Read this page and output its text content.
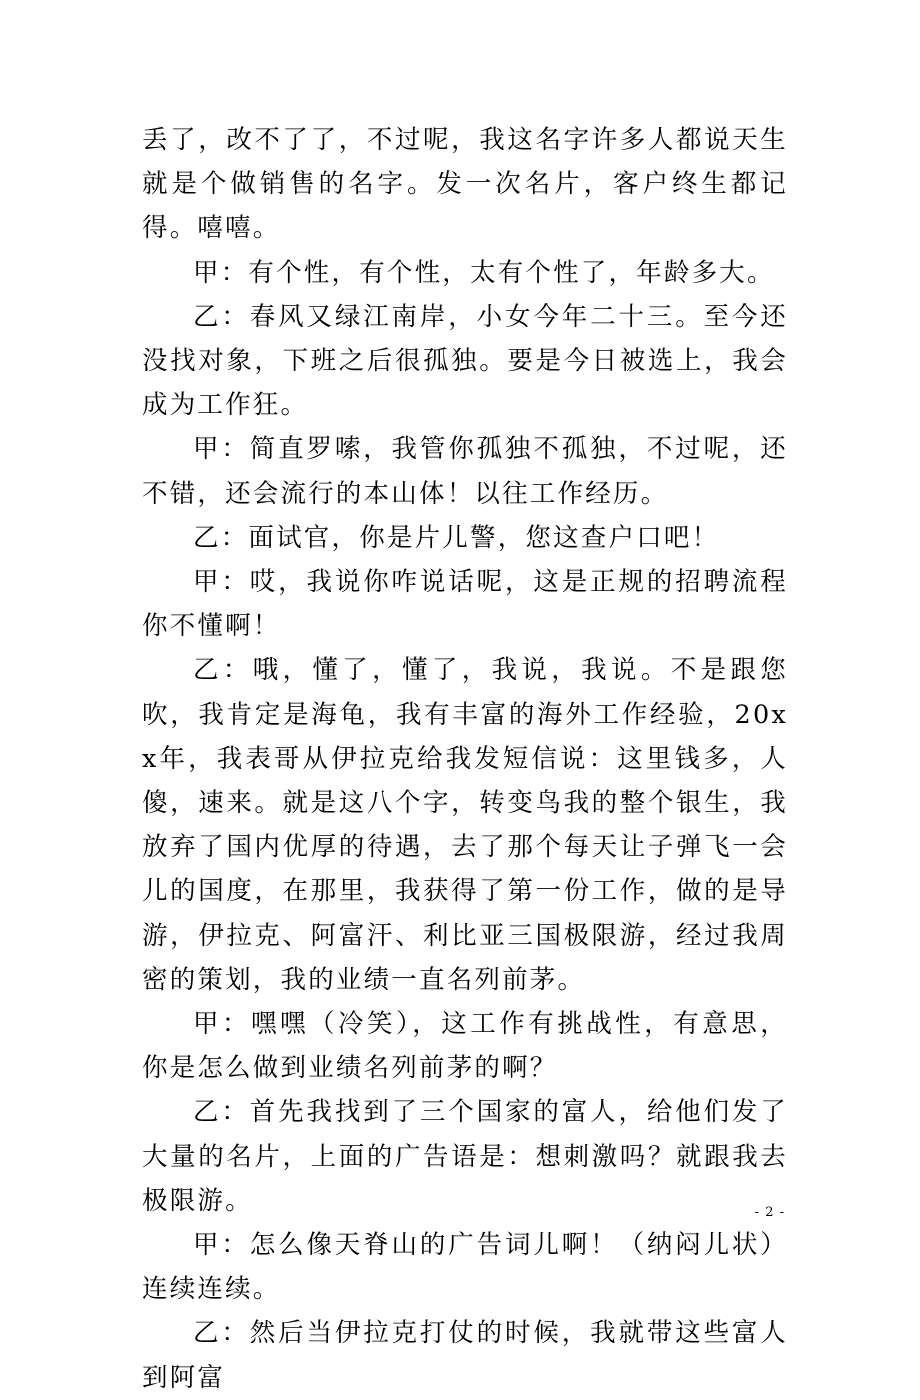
丢了，改不了了，不过呢，我这名字许多人都说天生就是个做销售的名字。发一次名片，客户终生都记得。嘻嘻。

甲：有个性，有个性，太有个性了，年龄多大。

乙：春风又绿江南岸，小女今年二十三。至今还没找对象，下班之后很孤独。要是今日被选上，我会成为工作狂。

甲：简直罗嗦，我管你孤独不孤独，不过呢，还不错，还会流行的本山体！以往工作经历。

乙：面试官，你是片儿警，您这查户口吧！

甲：哎，我说你咋说话呢，这是正规的招聘流程你不懂啊！

乙：哦，懂了，懂了，我说，我说。不是跟您吹，我肯定是海龟，我有丰富的海外工作经验，20xx年，我表哥从伊拉克给我发短信说：这里钱多，人傻，速来。就是这八个字，转变鸟我的整个银生，我放弃了国内优厚的待遇，去了那个每天让子弹飞一会儿的国度，在那里，我获得了第一份工作，做的是导游，伊拉克、阿富汗、利比亚三国极限游，经过我周密的策划，我的业绩一直名列前茅。

甲：嘿嘿（冷笑），这工作有挑战性，有意思，你是怎么做到业绩名列前茅的啊？

乙：首先我找到了三个国家的富人，给他们发了大量的名片，上面的广告语是：想刺激吗？就跟我去极限游。

甲：怎么像天脊山的广告词儿啊！（纳闷儿状）连续连续。

乙：然后当伊拉克打仗的时候，我就带这些富人到阿富

- 2 -
